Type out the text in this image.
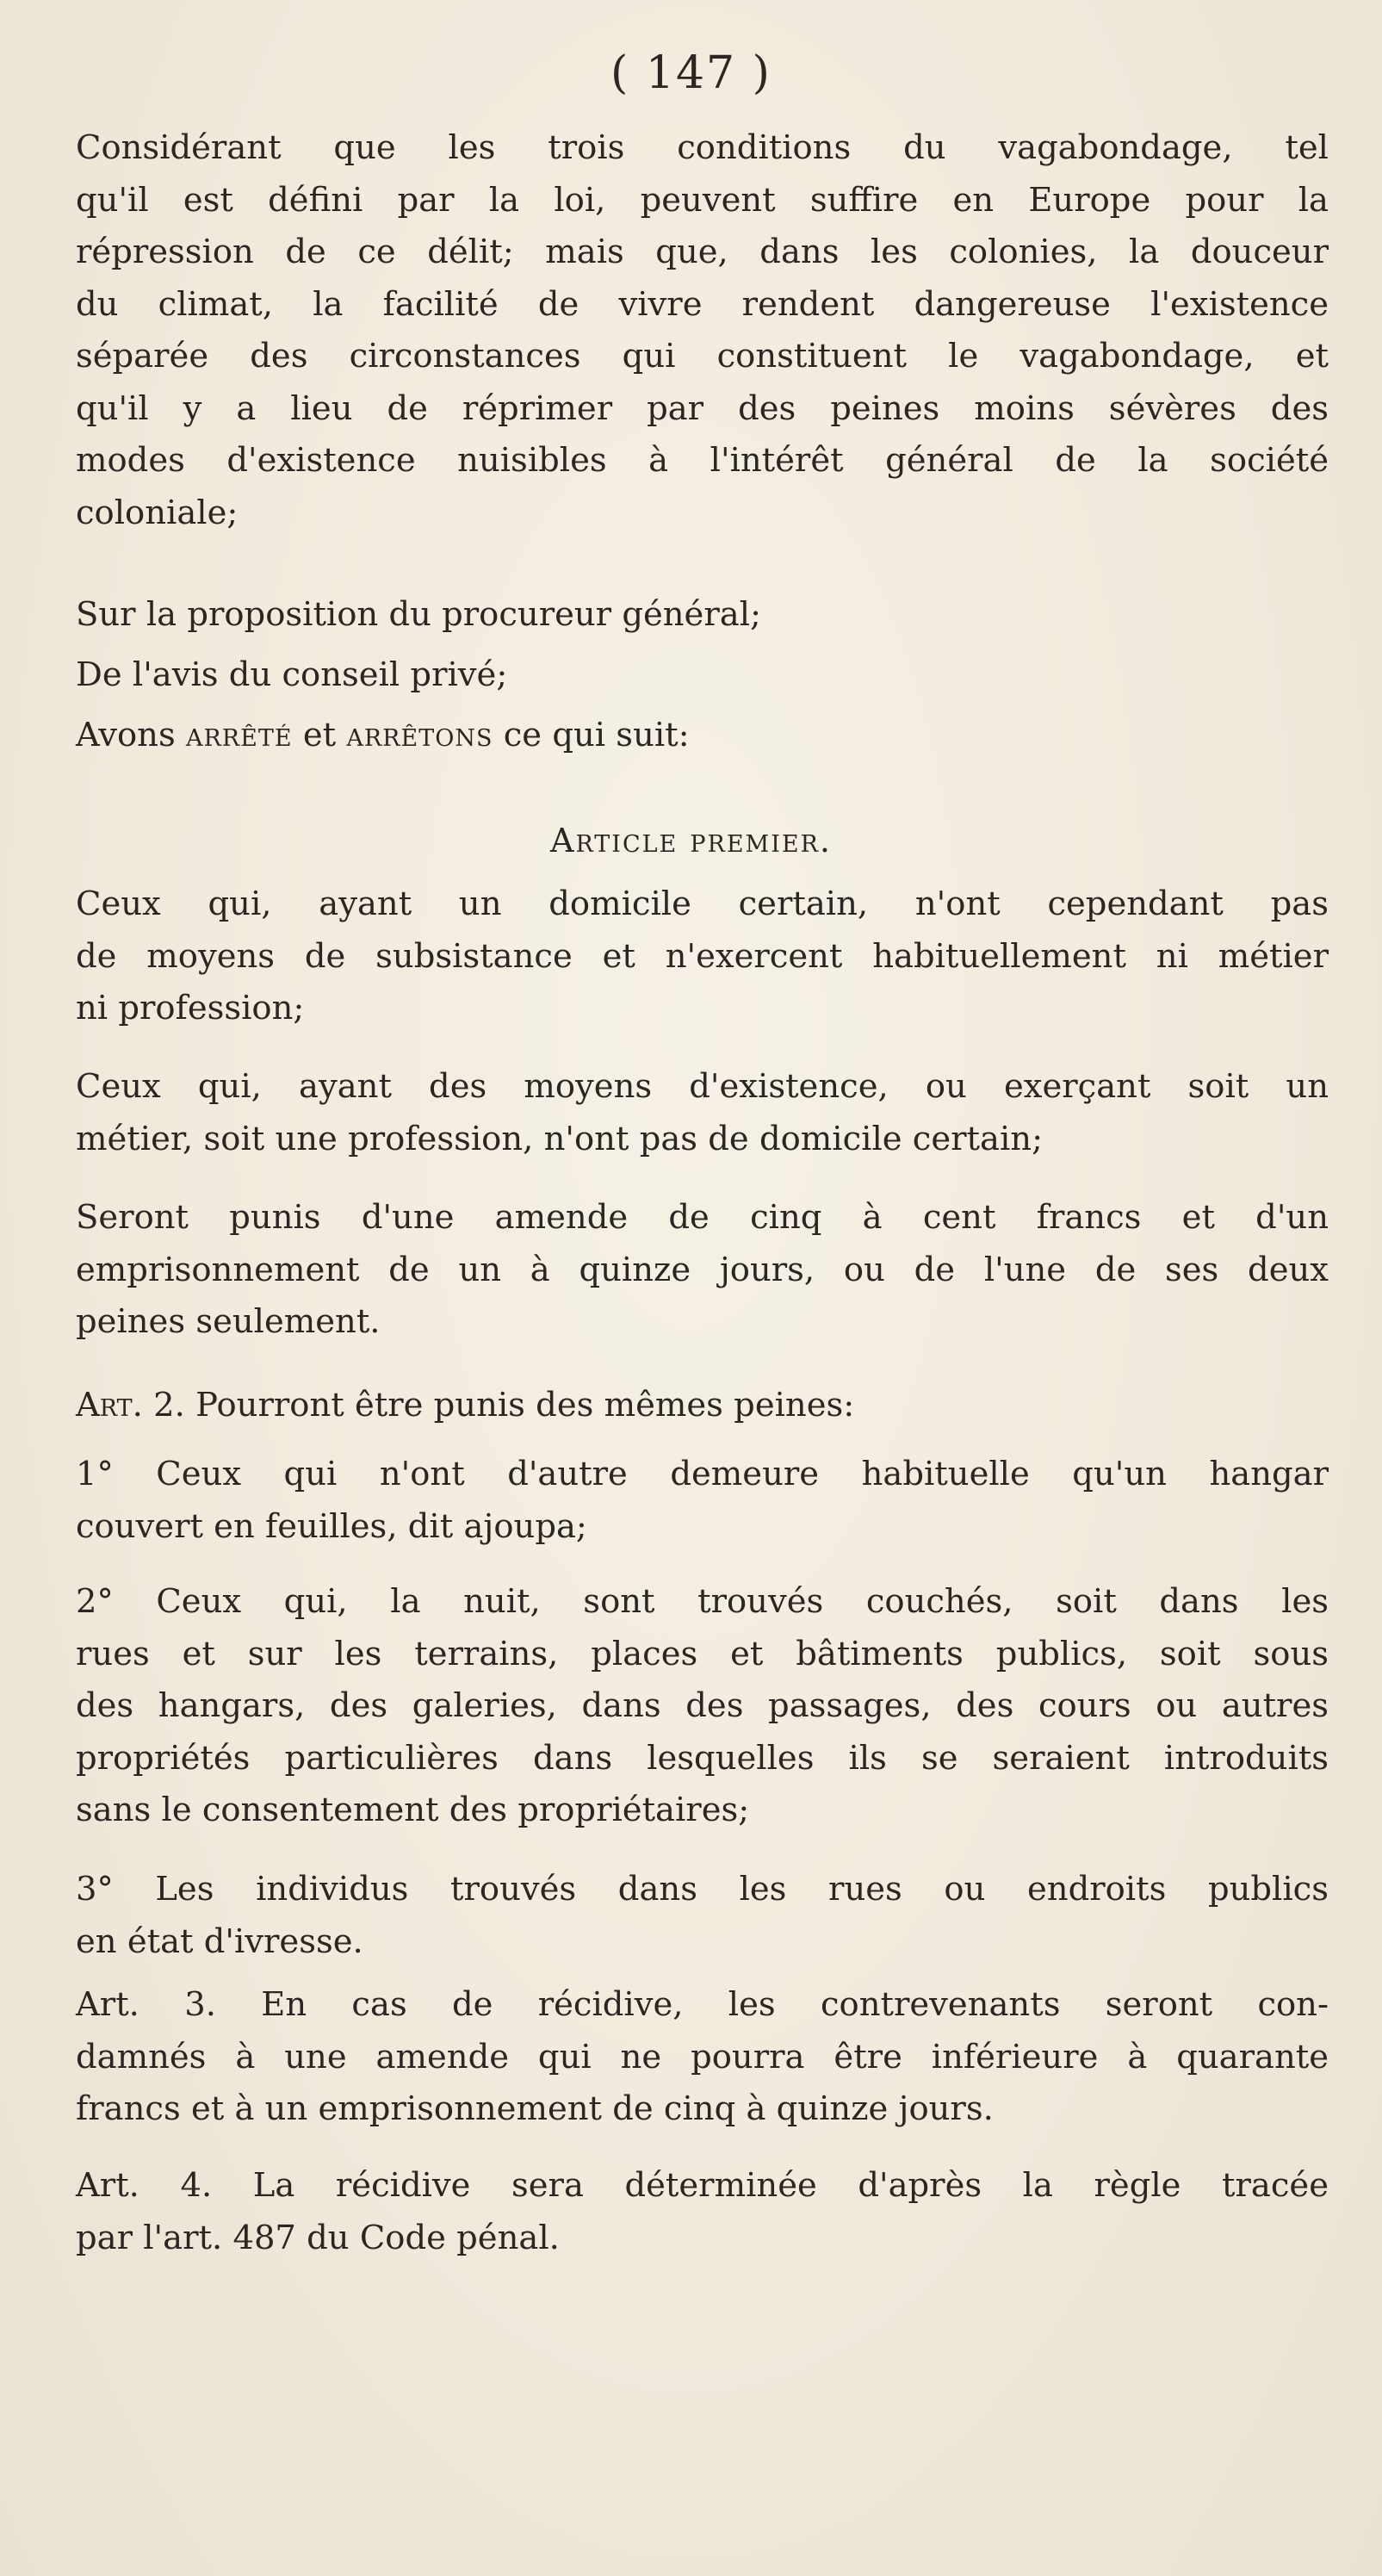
( 147 )
Considérant que les trois conditions du vagabondage, tel
qu'il est défini par la loi, peuvent suffire en Europe pour la
répression de ce délit; mais que, dans les colonies, la douceur
du climat, la facilité de vivre rendent dangereuse l'existence
séparée des circonstances qui constituent le vagabondage, et
qu'il y a lieu de réprimer par des peines moins sévères des
modes d'existence nuisibles à l'intérêt général de la société
coloniale;
Sur la proposition du procureur général;
De l'avis du conseil privé;
Avons arrêté et arrêtons ce qui suit:
Article premier.
Ceux qui, ayant un domicile certain, n'ont cependant pas
de moyens de subsistance et n'exercent habituellement ni métier
ni profession;
Ceux qui, ayant des moyens d'existence, ou exerçant soit un
métier, soit une profession, n'ont pas de domicile certain;
Seront punis d'une amende de cinq à cent francs et d'un
emprisonnement de un à quinze jours, ou de l'une de ses deux
peines seulement.
Art. 2. Pourront être punis des mêmes peines:
1° Ceux qui n'ont d'autre demeure habituelle qu'un hangar
couvert en feuilles, dit ajoupa;
2° Ceux qui, la nuit, sont trouvés couchés, soit dans les
rues et sur les terrains, places et bâtiments publics, soit sous
des hangars, des galeries, dans des passages, des cours ou autres
propriétés particulières dans lesquelles ils se seraient introduits
sans le consentement des propriétaires;
3° Les individus trouvés dans les rues ou endroits publics
en état d'ivresse.
Art. 3. En cas de récidive, les contrevenants seront con-
damnés à une amende qui ne pourra être inférieure à quarante
francs et à un emprisonnement de cinq à quinze jours.
Art. 4. La récidive sera déterminée d'après la règle tracée
par l'art. 487 du Code pénal.
